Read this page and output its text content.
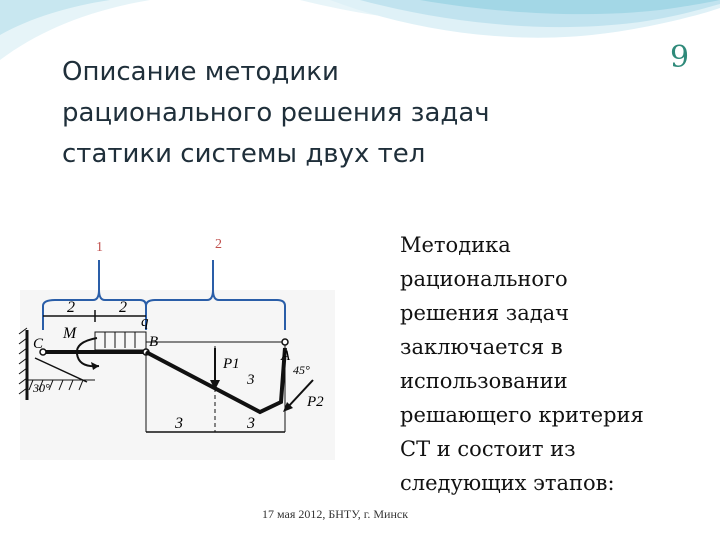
Описание методики
рационального решения задач
статики системы двух тел
9
1	2
2	2
30°
C
M
q
B
A
P1
P2
45°
3
3	3
Методика
рационального
решения задач
заключается в
использовании
решающего критерия
СТ и состоит из
следующих этапов:
17 мая 2012, БНТУ, г. Минск
